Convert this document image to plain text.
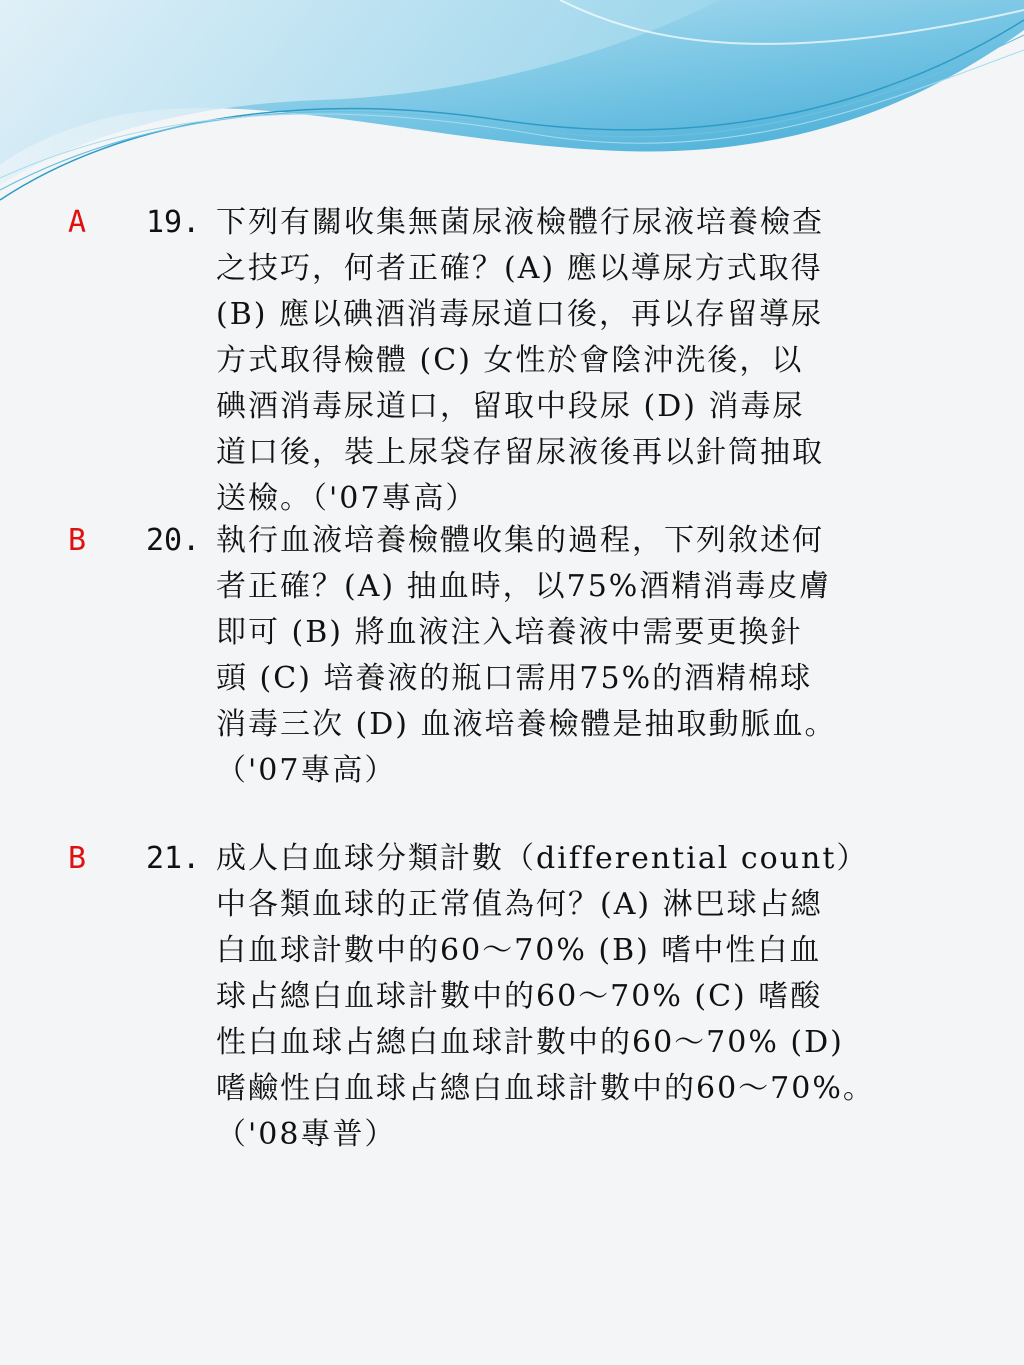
A 19. 下列有關收集無菌尿液檢體行尿液培養檢查
之技巧，何者正確？(A) 應以導尿方式取得
(B) 應以碘酒消毒尿道口後，再以存留導尿
方式取得檢體 (C) 女性於會陰沖洗後，以
碘酒消毒尿道口，留取中段尿 (D) 消毒尿
道口後，裝上尿袋存留尿液後再以針筒抽取
送檢。（'07專高）
B 20. 執行血液培養檢體收集的過程，下列敘述何
者正確？(A) 抽血時，以75%酒精消毒皮膚
即可 (B) 將血液注入培養液中需要更換針
頭 (C) 培養液的瓶口需用75%的酒精棉球
消毒三次 (D) 血液培養檢體是抽取動脈血。
（'07專高）
B 21. 成人白血球分類計數（differential count）
中各類血球的正常值為何？(A) 淋巴球占總
白血球計數中的60～70% (B) 嗜中性白血
球占總白血球計數中的60～70% (C) 嗜酸
性白血球占總白血球計數中的60～70% (D)
嗜鹼性白血球占總白血球計數中的60～70%。
（'08專普）
